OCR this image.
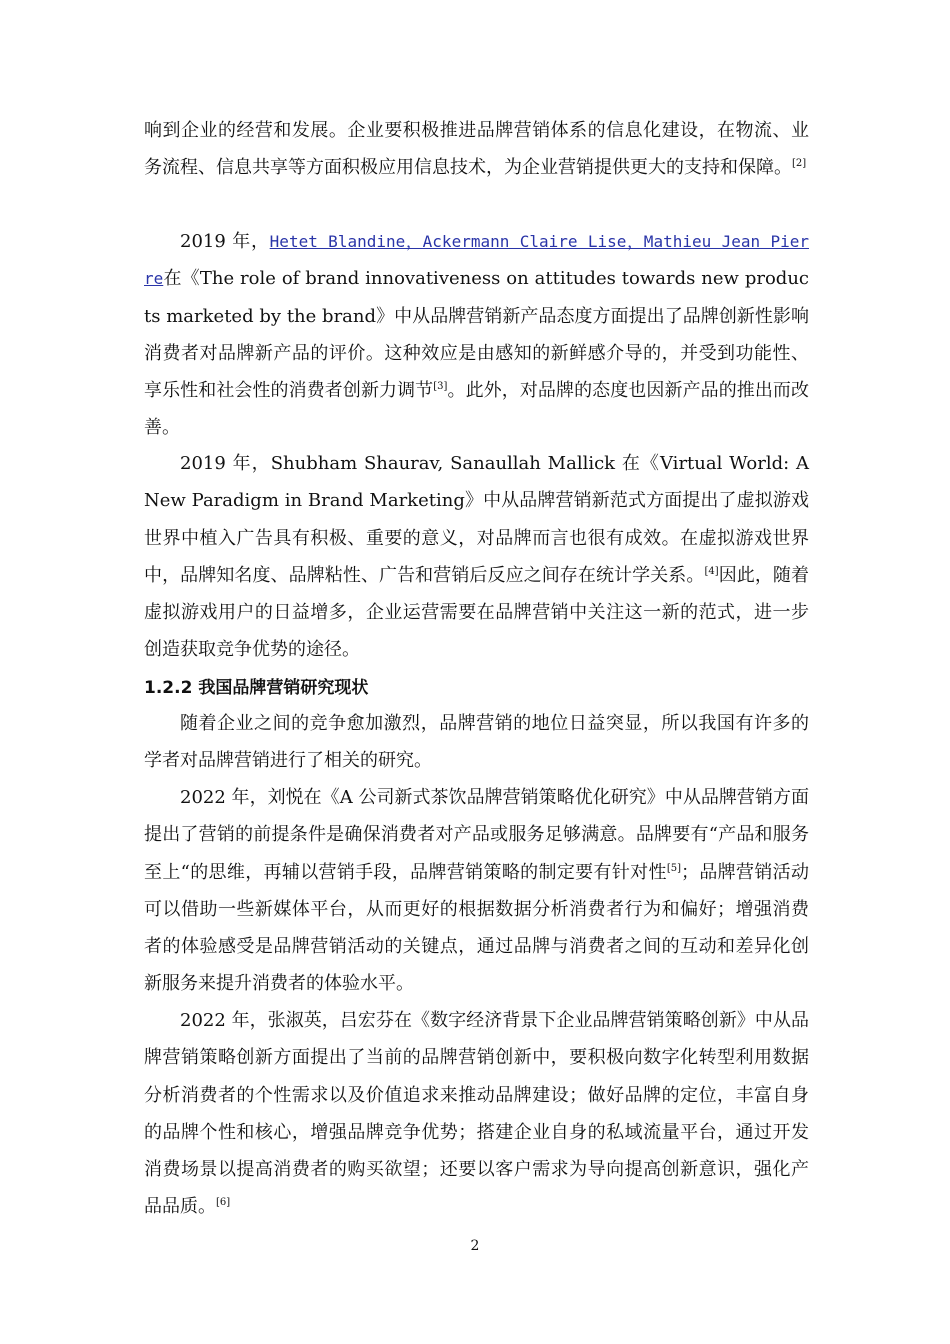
响到企业的经营和发展。企业要积极推进品牌营销体系的信息化建设，在物流、业务流程、信息共享等方面积极应用信息技术，为企业营销提供更大的支持和保障。[2]

2019 年，Hetet Blandine，Ackermann Claire Lise，Mathieu Jean Pierre在《The role of brand innovativeness on attitudes towards new products marketed by the brand》中从品牌营销新产品态度方面提出了品牌创新性影响消费者对品牌新产品的评价。这种效应是由感知的新鲜感介导的，并受到功能性、享乐性和社会性的消费者创新力调节[3]。此外，对品牌的态度也因新产品的推出而改善。

2019 年，Shubham Shaurav, Sanaullah Mallick 在《Virtual World: A New Paradigm in Brand Marketing》中从品牌营销新范式方面提出了虚拟游戏世界中植入广告具有积极、重要的意义，对品牌而言也很有成效。在虚拟游戏世界中，品牌知名度、品牌粘性、广告和营销后反应之间存在统计学关系。[4]因此，随着虚拟游戏用户的日益增多，企业运营需要在品牌营销中关注这一新的范式，进一步创造获取竞争优势的途径。

1.2.2 我国品牌营销研究现状

随着企业之间的竞争愈加激烈，品牌营销的地位日益突显，所以我国有许多的学者对品牌营销进行了相关的研究。

2022 年，刘悦在《A 公司新式茶饮品牌营销策略优化研究》中从品牌营销方面提出了营销的前提条件是确保消费者对产品或服务足够满意。品牌要有“产品和服务至上“的思维，再辅以营销手段，品牌营销策略的制定要有针对性[5]；品牌营销活动可以借助一些新媒体平台，从而更好的根据数据分析消费者行为和偏好；增强消费者的体验感受是品牌营销活动的关键点，通过品牌与消费者之间的互动和差异化创新服务来提升消费者的体验水平。

2022 年，张淑英，吕宏芬在《数字经济背景下企业品牌营销策略创新》中从品牌营销策略创新方面提出了当前的品牌营销创新中，要积极向数字化转型利用数据分析消费者的个性需求以及价值追求来推动品牌建设；做好品牌的定位，丰富自身的品牌个性和核心，增强品牌竞争优势；搭建企业自身的私域流量平台，通过开发消费场景以提高消费者的购买欲望；还要以客户需求为导向提高创新意识，强化产品品质。[6]

2
